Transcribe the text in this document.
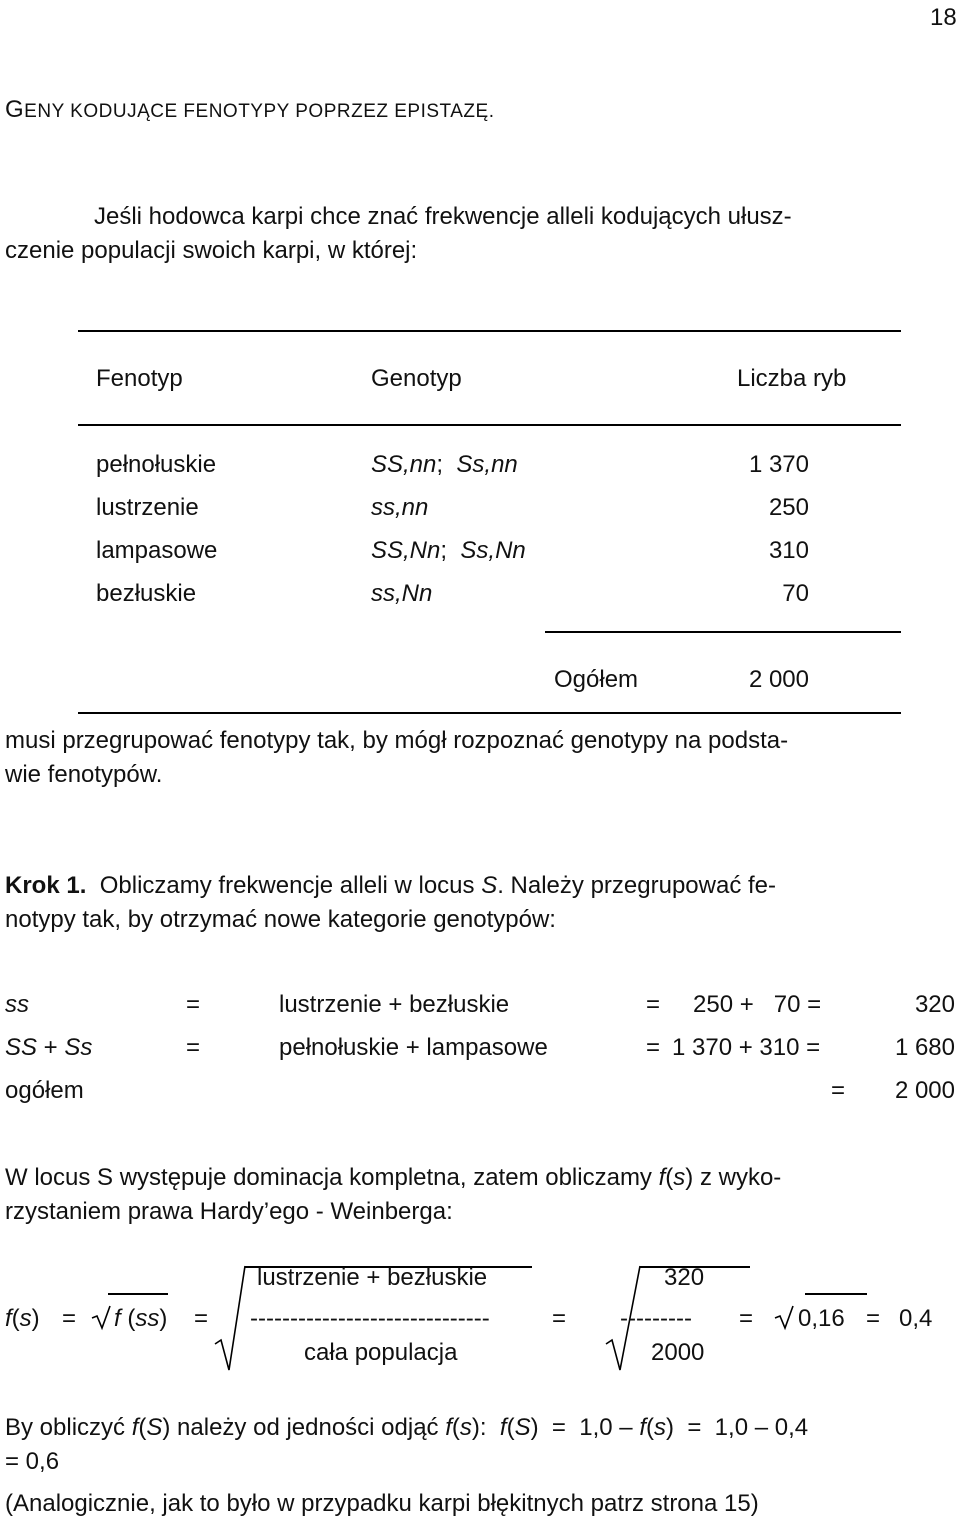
18
GENY KODUJĄCE FENOTYPY POPRZEZ EPISTAZĘ.
Jeśli hodowca karpi chce znać frekwencje alleli kodujących ułusz-
czenie populacji swoich karpi, w której:
Fenotyp	Genotyp	Liczba ryb
pełnołuskie	SS,nn; Ss,nn	1 370
lustrzenie	ss,nn	250
lampasowe	SS,Nn; Ss,Nn	310
bezłuskie	ss,Nn	70
Ogółem	2 000
musi przegrupować fenotypy tak, by mógł rozpoznać genotypy na podsta-
wie fenotypów.
Krok 1. Obliczamy frekwencje alleli w locus S. Należy przegrupować fe-
notypy tak, by otrzymać nowe kategorie genotypów:
ss	=	lustrzenie + bezłuskie	= 250 +   70 =	320
SS + Ss	=	pełnołuskie + lampasowe	= 1 370 + 310 =	1 680
ogółem	= 2 000
W locus S występuje dominacja kompletna, zatem obliczamy f(s) z wyko-
rzystaniem prawa Hardy’ego - Weinberga:
f(s) = f (ss) =
lustrzenie + bezłuskie
------------------------------
cała populacja
=
320
---------
2000
= 0,16 = 0,4
By obliczyć f(S) należy od jedności odjąć f(s):  f(S)  =  1,0 – f(s)  =  1,0 – 0,4
= 0,6
(Analogicznie, jak to było w przypadku karpi błękitnych patrz strona 15)
